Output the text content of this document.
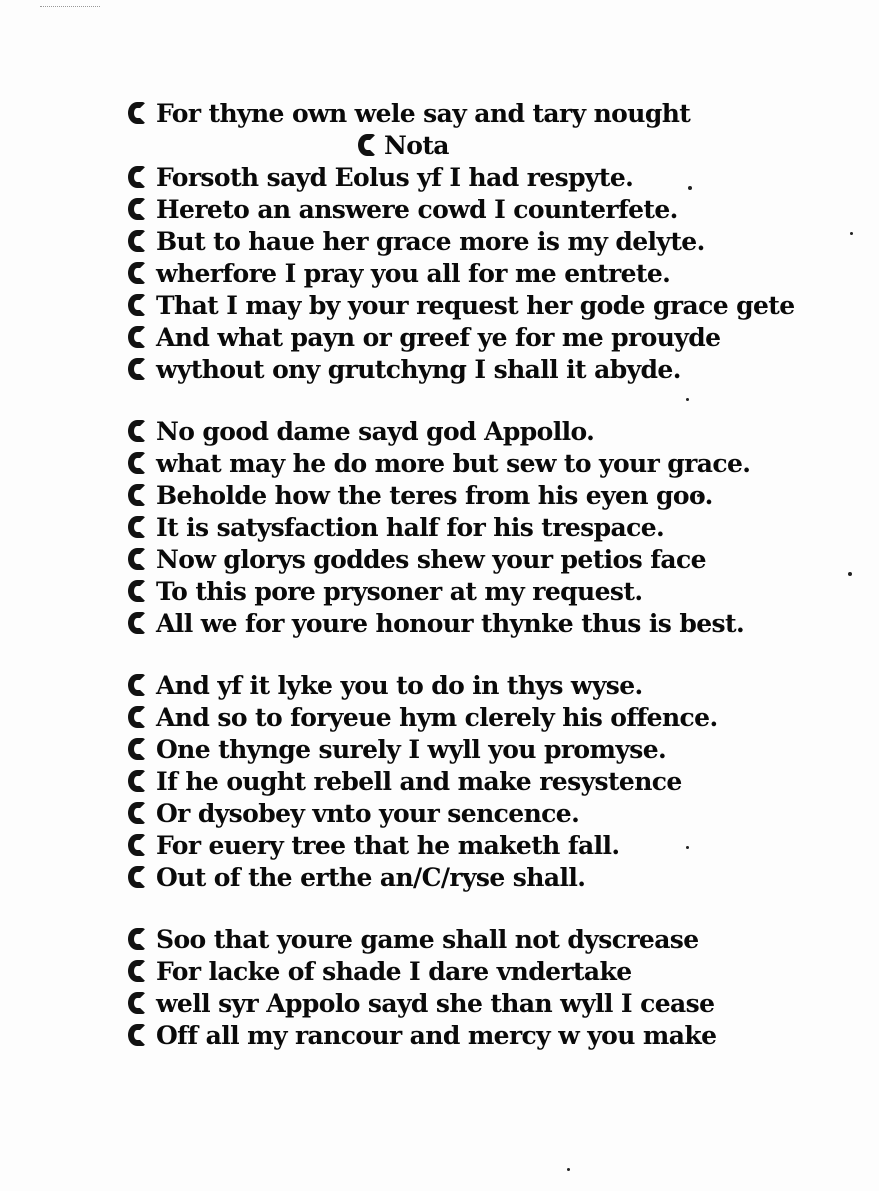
For thyne own wele say and tary nought
Nota
Forsoth sayd Eolus yf I had respyte.
Hereto an answere cowd I counterfete.
But to haue her grace more is my delyte.
wherfore I pray you all for me entrete.
That I may by your request her gode grace gete
And what payn or greef ye for me prouyde
wythout ony grutchyng I shall it abyde.
No good dame sayd god Appollo.
what may he do more but sew to your grace.
Beholde how the teres from his eyen goo.
It is satysfaction half for his trespace.
Now glorys goddes shew your petios face
To this pore prysoner at my request.
All we for youre honour thynke thus is best.
And yf it lyke you to do in thys wyse.
And so to foryeue hym clerely his offence.
One thynge surely I wyll you promyse.
If he ought rebell and make resystence
Or dysobey vnto your sencence.
For euery tree that he maketh fall.
Out of the erthe an/C/ryse shall.
Soo that youre game shall not dyscrease
For lacke of shade I dare vndertake
well syr Appolo sayd she than wyll I cease
Off all my rancour and mercy w you make
